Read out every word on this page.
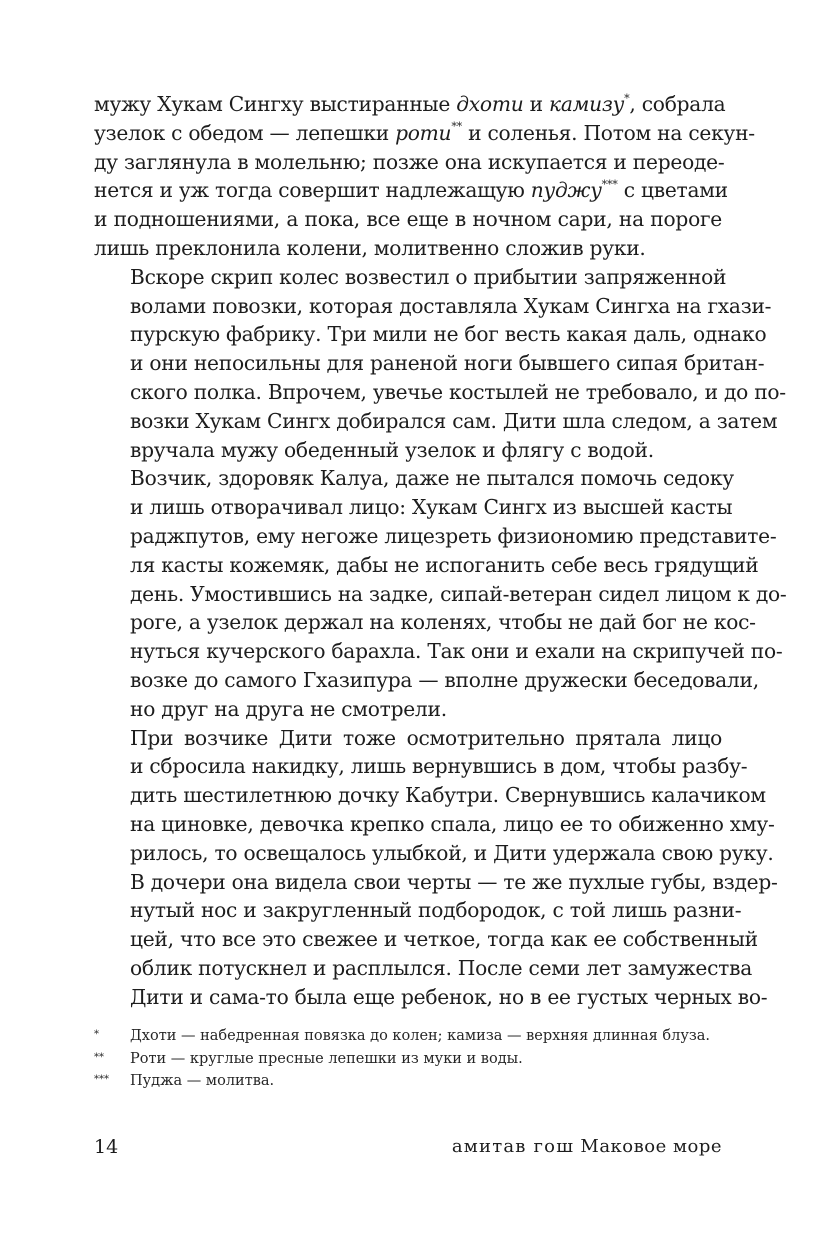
мужу Хукам Сингху выстиранные дхоти и камизу*, собрала
узелок с обедом — лепешки роти** и соленья. Потом на секун-
ду заглянула в молельню; позже она искупается и переоде-
нется и уж тогда совершит надлежащую пуджу*** с цветами
и подношениями, а пока, все еще в ночном сари, на пороге
лишь преклонила колени, молитвенно сложив руки.

Вскоре скрип колес возвестил о прибытии запряженной
волами повозки, которая доставляла Хукам Сингха на гхази-
пурскую фабрику. Три мили не бог весть какая даль, однако
и они непосильны для раненой ноги бывшего сипая британ-
ского полка. Впрочем, увечье костылей не требовало, и до по-
возки Хукам Сингх добирался сам. Дити шла следом, а затем
вручала мужу обеденный узелок и флягу с водой.

Возчик, здоровяк Калуа, даже не пытался помочь седоку
и лишь отворачивал лицо: Хукам Сингх из высшей касты
раджпутов, ему негоже лицезреть физиономию представите-
ля касты кожемяк, дабы не испоганить себе весь грядущий
день. Умостившись на задке, сипай-ветеран сидел лицом к до-
роге, а узелок держал на коленях, чтобы не дай бог не кос-
нуться кучерского барахла. Так они и ехали на скрипучей по-
возке до самого Гхазипура — вполне дружески беседовали,
но друг на друга не смотрели.

При возчике Дити тоже осмотрительно прятала лицо
и сбросила накидку, лишь вернувшись в дом, чтобы разбу-
дить шестилетнюю дочку Кабутри. Свернувшись калачиком
на циновке, девочка крепко спала, лицо ее то обиженно хму-
рилось, то освещалось улыбкой, и Дити удержала свою руку.
В дочери она видела свои черты — те же пухлые губы, вздер-
нутый нос и закругленный подбородок, с той лишь разни-
цей, что все это свежее и четкое, тогда как ее собственный
облик потускнел и расплылся. После семи лет замужества
Дити и сама-то была еще ребенок, но в ее густых черных во-

*	Дхоти — набедренная повязка до колен; камиза — верхняя длинная блуза.
**	Роти — круглые пресные лепешки из муки и воды.
***	Пуджа — молитва.
14	амитав гош Маковое море
